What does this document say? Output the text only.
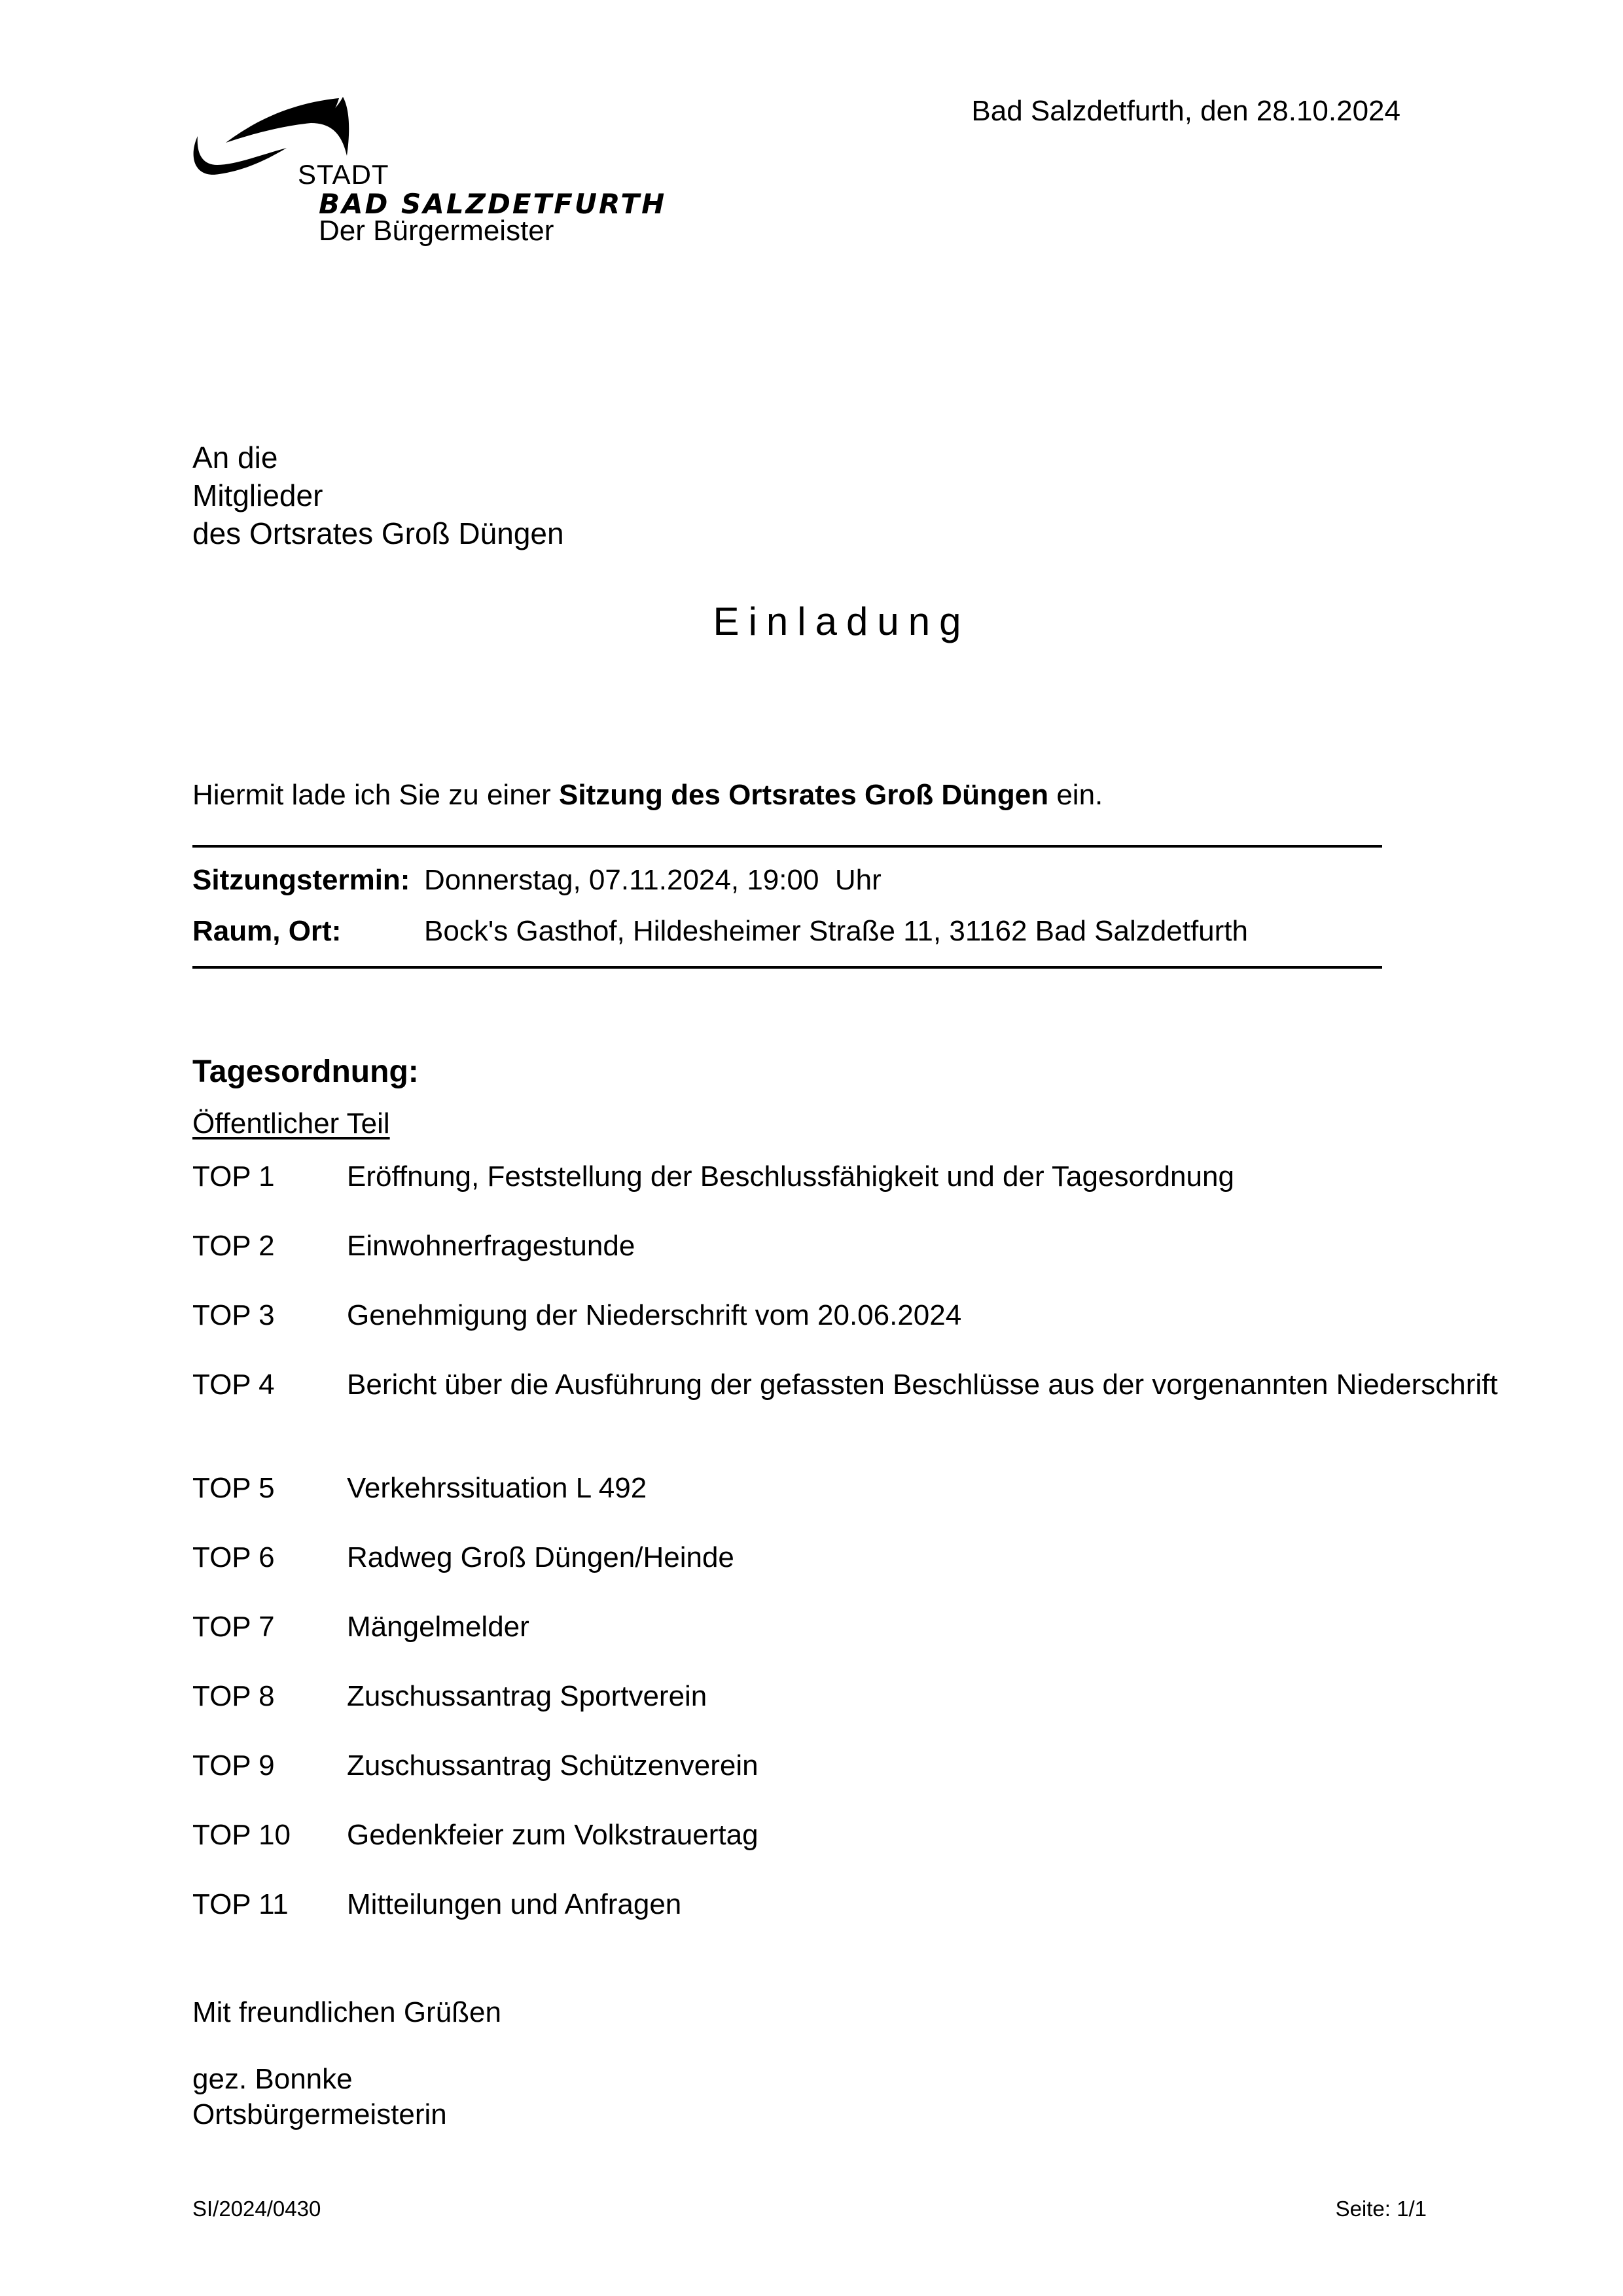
STADT
BAD SALZDETFURTH
Der Bürgermeister
Bad Salzdetfurth, den 28.10.2024
An die
Mitglieder
des Ortsrates Groß Düngen
Einladung
Hiermit lade ich Sie zu einer Sitzung des Ortsrates Groß Düngen ein.
Sitzungstermin: Donnerstag, 07.11.2024, 19:00  Uhr
Raum, Ort:	Bock's Gasthof, Hildesheimer Straße 11, 31162 Bad Salzdetfurth
Tagesordnung:
Öffentlicher Teil
TOP 1	Eröffnung, Feststellung der Beschlussfähigkeit und der Tagesordnung
TOP 2	Einwohnerfragestunde
TOP 3	Genehmigung der Niederschrift vom 20.06.2024
TOP 4	Bericht über die Ausführung der gefassten Beschlüsse aus der vorgenannten Niederschrift
TOP 5	Verkehrssituation L 492
TOP 6	Radweg Groß Düngen/Heinde
TOP 7	Mängelmelder
TOP 8	Zuschussantrag Sportverein
TOP 9	Zuschussantrag Schützenverein
TOP 10 Gedenkfeier zum Volkstrauertag
TOP 11 Mitteilungen und Anfragen
Mit freundlichen Grüßen
gez. Bonnke
Ortsbürgermeisterin
SI/2024/0430	Seite: 1/1
